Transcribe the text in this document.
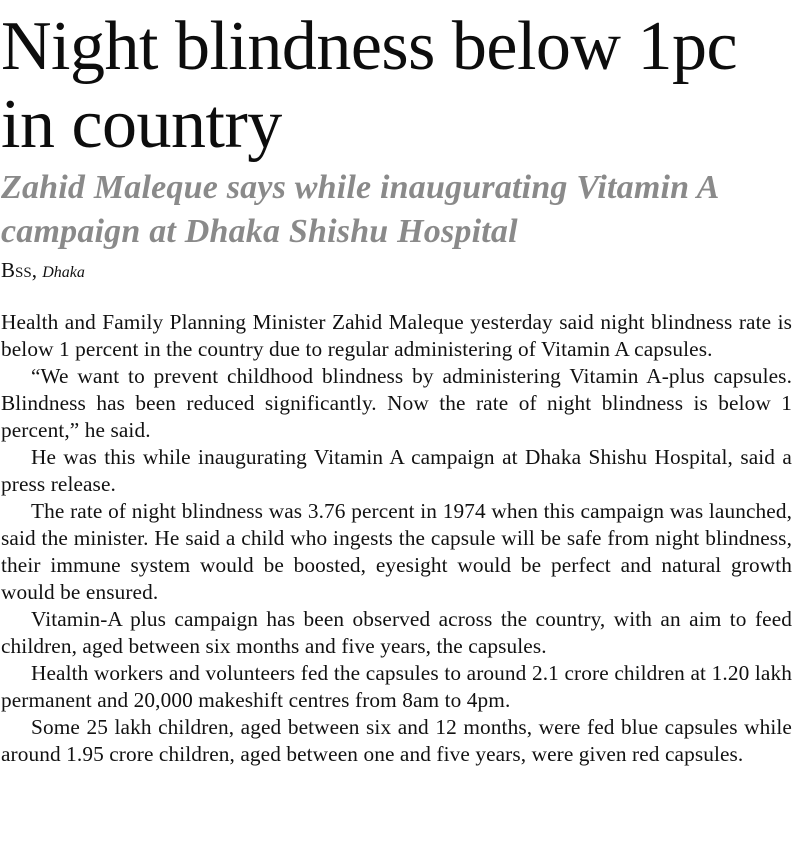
Night blindness below 1pc in country
Zahid Maleque says while inaugurating Vitamin A campaign at Dhaka Shishu Hospital
Bss, Dhaka

Health and Family Planning Minister Zahid Maleque yesterday said night blindness rate is below 1 percent in the country due to regular administering of Vitamin A capsules.

“We want to prevent childhood blindness by administering Vitamin A-plus capsules. Blindness has been reduced significantly. Now the rate of night blindness is below 1 percent,” he said.

He was this while inaugurating Vitamin A campaign at Dhaka Shishu Hospital, said a press release.

The rate of night blindness was 3.76 percent in 1974 when this campaign was launched, said the minister. He said a child who ingests the capsule will be safe from night blindness, their immune system would be boosted, eyesight would be perfect and natural growth would be ensured.

Vitamin-A plus campaign has been observed across the country, with an aim to feed children, aged between six months and five years, the capsules.

Health workers and volunteers fed the capsules to around 2.1 crore children at 1.20 lakh permanent and 20,000 makeshift centres from 8am to 4pm.

Some 25 lakh children, aged between six and 12 months, were fed blue capsules while around 1.95 crore children, aged between one and five years, were given red capsules.
